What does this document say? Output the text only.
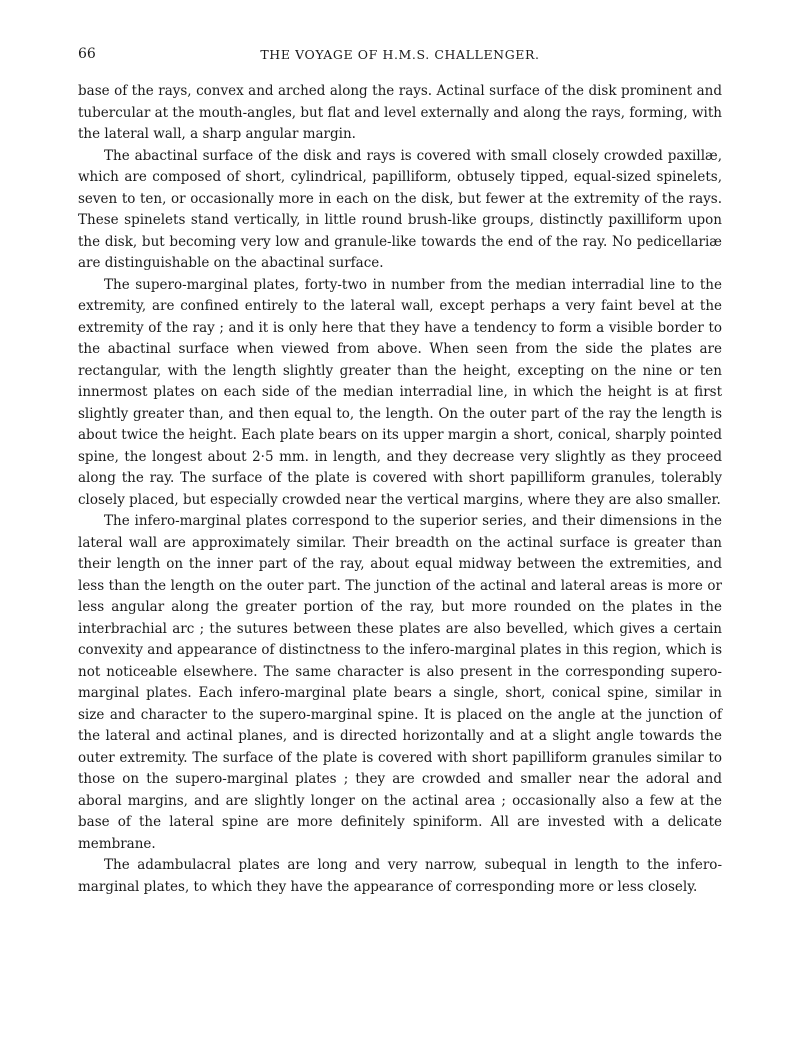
66	THE VOYAGE OF H.M.S. CHALLENGER.

base of the rays, convex and arched along the rays. Actinal surface of the disk prominent and tubercular at the mouth-angles, but flat and level externally and along the rays, forming, with the lateral wall, a sharp angular margin.

The abactinal surface of the disk and rays is covered with small closely crowded paxillæ, which are composed of short, cylindrical, papilliform, obtusely tipped, equal-sized spinelets, seven to ten, or occasionally more in each on the disk, but fewer at the extremity of the rays. These spinelets stand vertically, in little round brush-like groups, distinctly paxilliform upon the disk, but becoming very low and granule-like towards the end of the ray. No pedicellariæ are distinguishable on the abactinal surface.

The supero-marginal plates, forty-two in number from the median interradial line to the extremity, are confined entirely to the lateral wall, except perhaps a very faint bevel at the extremity of the ray ; and it is only here that they have a tendency to form a visible border to the abactinal surface when viewed from above. When seen from the side the plates are rectangular, with the length slightly greater than the height, excepting on the nine or ten innermost plates on each side of the median interradial line, in which the height is at first slightly greater than, and then equal to, the length. On the outer part of the ray the length is about twice the height. Each plate bears on its upper margin a short, conical, sharply pointed spine, the longest about 2·5 mm. in length, and they decrease very slightly as they proceed along the ray. The surface of the plate is covered with short papilliform granules, tolerably closely placed, but especially crowded near the vertical margins, where they are also smaller.

The infero-marginal plates correspond to the superior series, and their dimensions in the lateral wall are approximately similar. Their breadth on the actinal surface is greater than their length on the inner part of the ray, about equal midway between the extremities, and less than the length on the outer part. The junction of the actinal and lateral areas is more or less angular along the greater portion of the ray, but more rounded on the plates in the interbrachial arc ; the sutures between these plates are also bevelled, which gives a certain convexity and appearance of distinctness to the infero-marginal plates in this region, which is not noticeable elsewhere. The same character is also present in the corresponding supero-marginal plates. Each infero-marginal plate bears a single, short, conical spine, similar in size and character to the supero-marginal spine. It is placed on the angle at the junction of the lateral and actinal planes, and is directed horizontally and at a slight angle towards the outer extremity. The surface of the plate is covered with short papilliform granules similar to those on the supero-marginal plates ; they are crowded and smaller near the adoral and aboral margins, and are slightly longer on the actinal area ; occasionally also a few at the base of the lateral spine are more definitely spiniform. All are invested with a delicate membrane.

The adambulacral plates are long and very narrow, subequal in length to the infero-marginal plates, to which they have the appearance of corresponding more or less closely.
